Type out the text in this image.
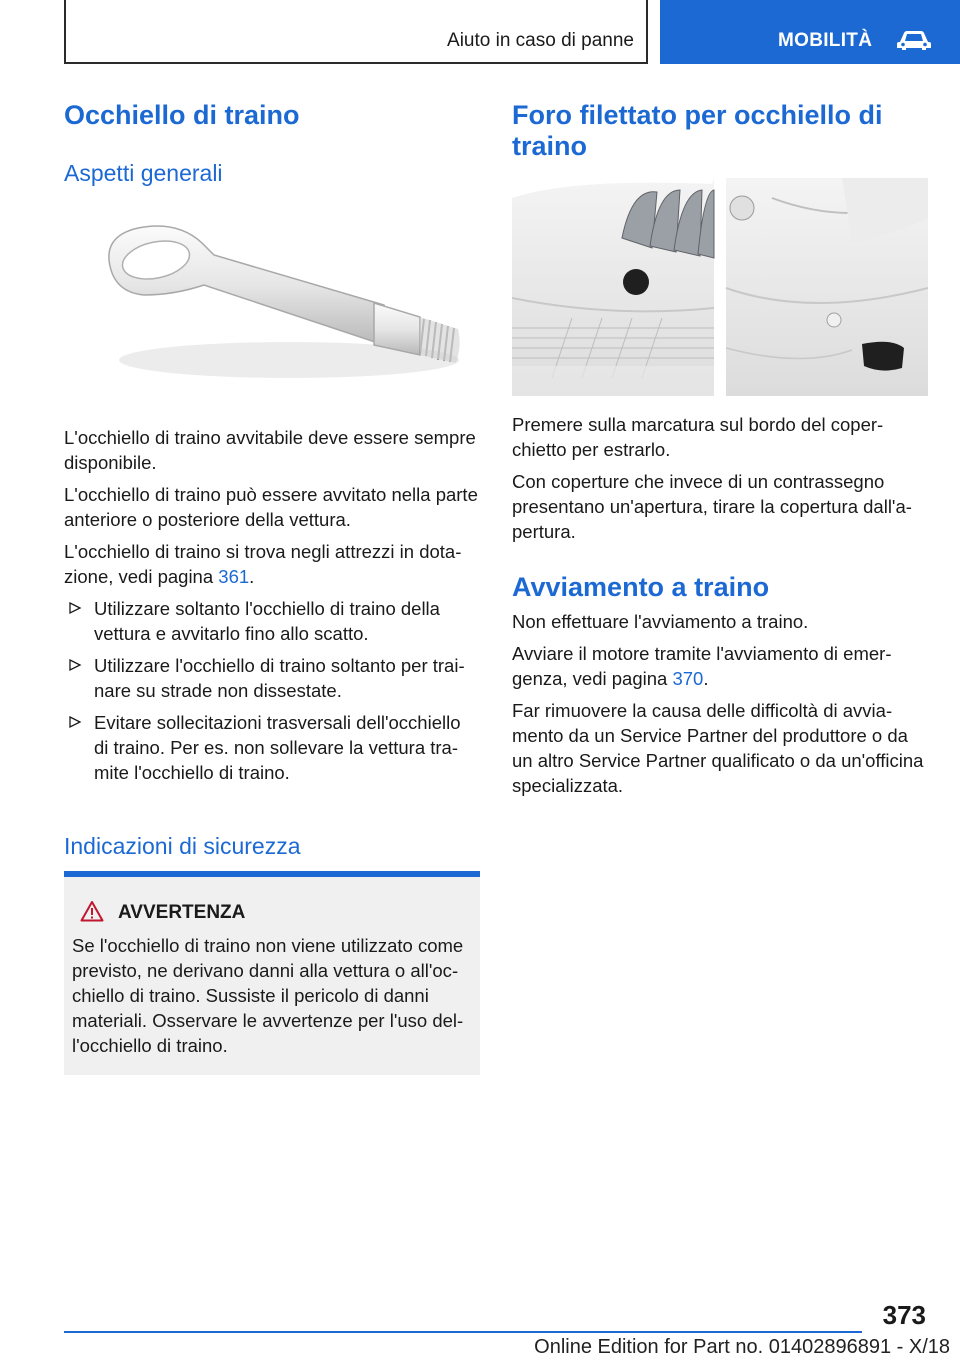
Aiuto in caso di panne	MOBILITÀ
Occhiello di traino
Aspetti generali

L'occhiello di traino avvitabile deve essere sempre disponibile.

L'occhiello di traino può essere avvitato nella parte anteriore o posteriore della vettura.

L'occhiello di traino si trova negli attrezzi in dotazione, vedi pagina 361.

Utilizzare soltanto l'occhiello di traino della vettura e avvitarlo fino allo scatto.
Utilizzare l'occhiello di traino soltanto per trainare su strade non dissestate.
Evitare sollecitazioni trasversali dell'occhiello di traino. Per es. non sollevare la vettura tramite l'occhiello di traino.
Indicazioni di sicurezza
AVVERTENZA

Se l'occhiello di traino non viene utilizzato come previsto, ne derivano danni alla vettura o all'occhiello di traino. Sussiste il pericolo di danni materiali. Osservare le avvertenze per l'uso dell'occhiello di traino.

Foro filettato per occhiello di traino

Premere sulla marcatura sul bordo del coperchietto per estrarlo.

Con coperture che invece di un contrassegno presentano un'apertura, tirare la copertura dall'apertura.

Avviamento a traino

Non effettuare l'avviamento a traino.

Avviare il motore tramite l'avviamento di emergenza, vedi pagina 370.

Far rimuovere la causa delle difficoltà di avviamento da un Service Partner del produttore o da un altro Service Partner qualificato o da un'officina specializzata.

373
Online Edition for Part no. 01402896891 - X/18
